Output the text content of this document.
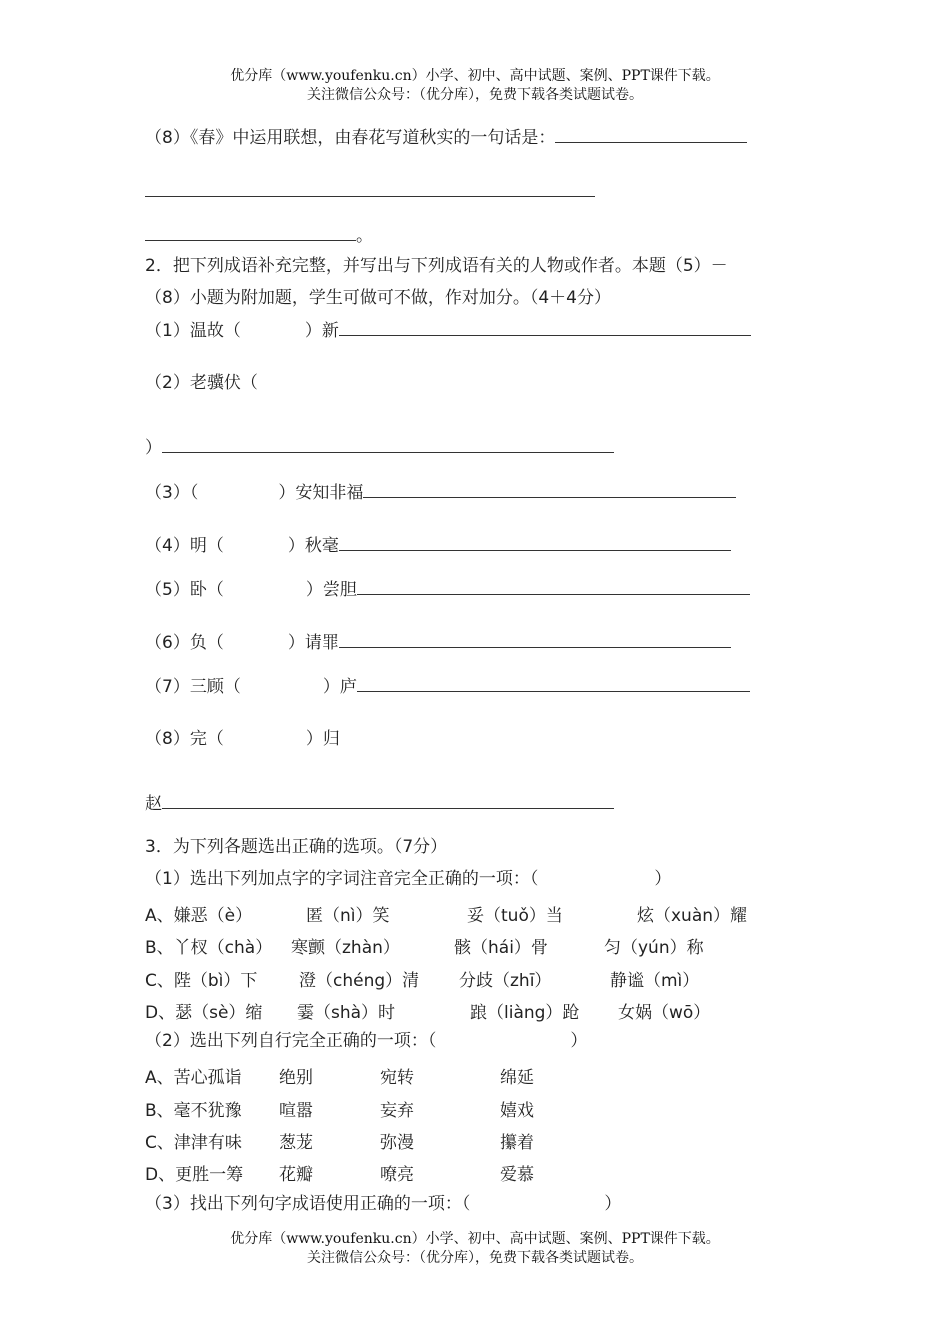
优分库（www.youfenku.cn）小学、初中、高中试题、案例、PPT课件下载。
关注微信公众号：（优分库），免费下载各类试题试卷。
（8）《春》中运用联想，由春花写道秋实的一句话是：
。
2．把下列成语补充完整，并写出与下列成语有关的人物或作者。本题（5）－
（8）小题为附加题，学生可做可不做，作对加分。（4＋4分）
（1）温故（	）新
（2）老骥伏（
）
（3）（	）安知非福
（4）明（	）秋毫
（5）卧（	）尝胆
（6）负（	）请罪
（7）三顾（	）庐
（8）完（	）归
赵
3．为下列各题选出正确的选项。（7分）
（1）选出下列加点字的字词注音完全正确的一项：（	）
A、嫌恶（è）	匿（nì）笑	妥（tuǒ）当	炫（xuàn）耀
B、丫杈（chà） 寒颤（zhàn）	骸（hái）骨	匀（yún）称
C、陛（bì）下 澄（chéng）清 分歧（zhī）	静谧（mì）
D、瑟（sè）缩 霎（shà）时	踉（liàng）跄 女娲（wō）
（2）选出下列自行完全正确的一项：（	）
A、苦心孤诣 绝别	宛转	绵延
B、毫不犹豫 喧嚣	妄弃	嬉戏
C、津津有味 葱茏	弥漫	攥着
D、更胜一筹 花瓣	嘹亮	爱慕
（3）找出下列句字成语使用正确的一项：（	）
优分库（www.youfenku.cn）小学、初中、高中试题、案例、PPT课件下载。
关注微信公众号：（优分库），免费下载各类试题试卷。
